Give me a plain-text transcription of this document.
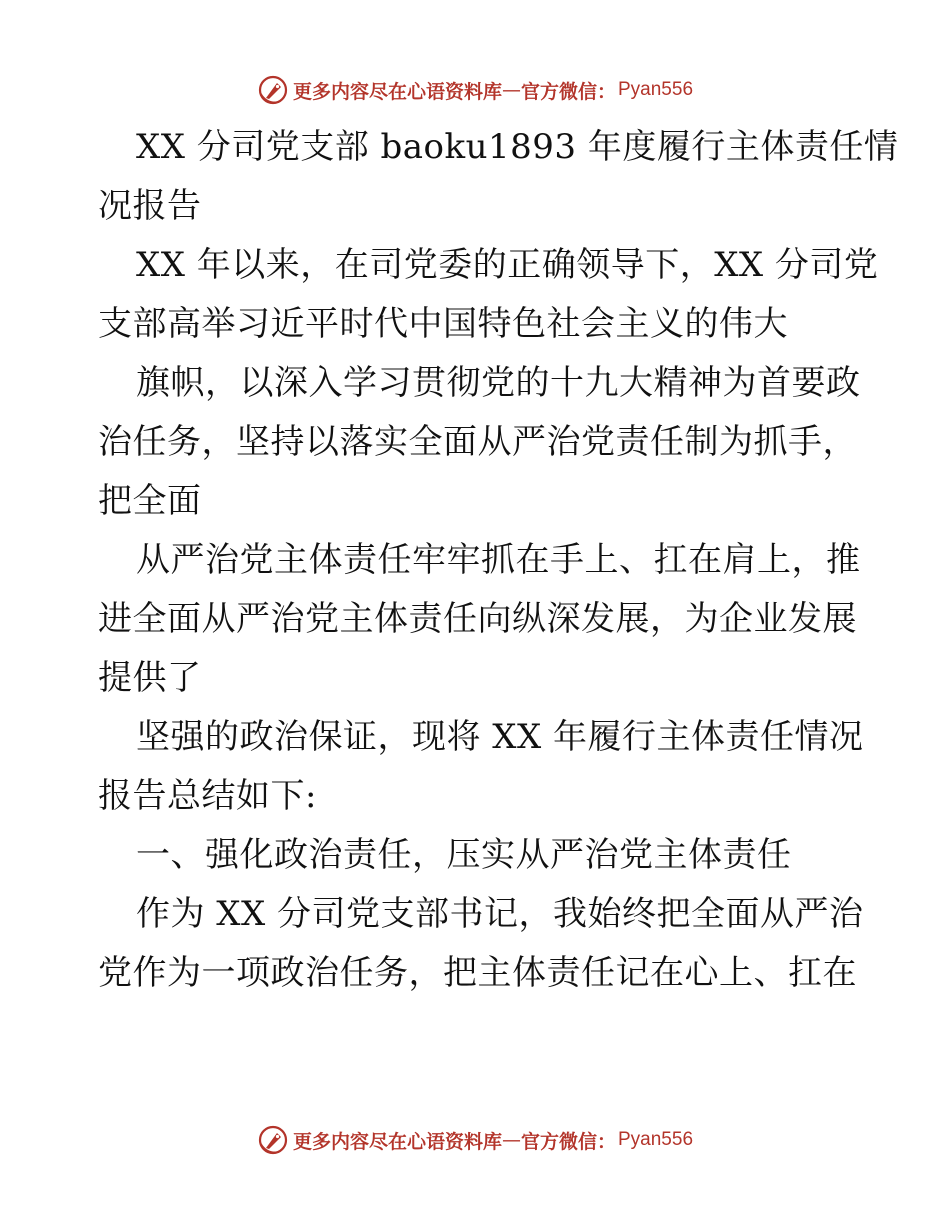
更多内容尽在心语资料库 — 官方微信： Pyan556
XX 分司党支部 baoku1893 年度履行主体责任情
况报告
XX 年以来，在司党委的正确领导下，XX 分司党
支部高举习近平时代中国特色社会主义的伟大
旗帜，以深入学习贯彻党的十九大精神为首要政
治任务，坚持以落实全面从严治党责任制为抓手，
把全面
从严治党主体责任牢牢抓在手上、扛在肩上，推
进全面从严治党主体责任向纵深发展，为企业发展
提供了
坚强的政治保证，现将 XX 年履行主体责任情况
报告总结如下:
一、强化政治责任，压实从严治党主体责任
作为 XX 分司党支部书记，我始终把全面从严治
党作为一项政治任务，把主体责任记在心上、扛在
更多内容尽在心语资料库 — 官方微信： Pyan556
